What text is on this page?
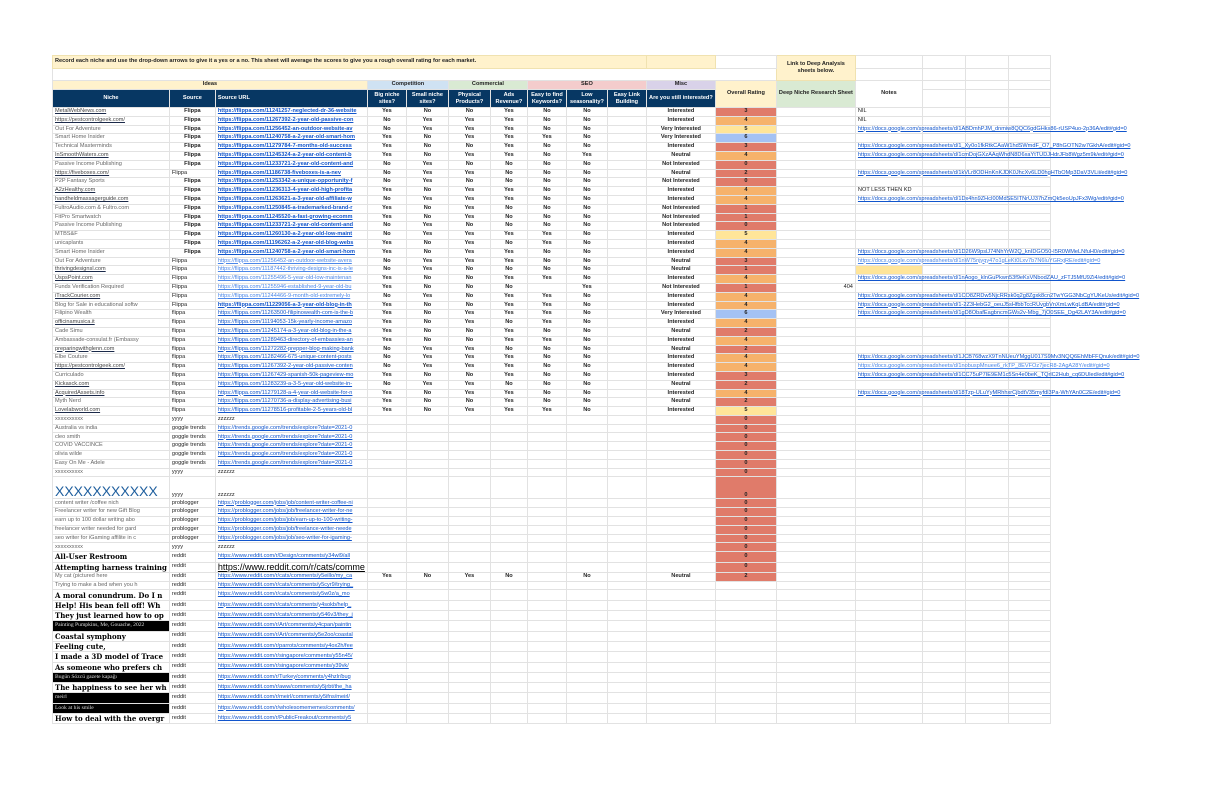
Record each niche and use the drop-down arrows to give it a yes or a no. This sheet will average the scores to give you a rough overall rating for each market.												Link to Deep Analysis sheets below.				

Ideas			Competition		Commercial		SEO			Misc	Overall Rating	Deep Niche Research Sheet	Notes			
Niche	Source	Source URL	Big niche sites?	Small niche sites?	Physical Products?	Ads Revenue?	Easy to find Keywords?	Low seasonality?	Easy Link Building	Are you still interested?						
MetalWebNews.com	Flippa	https://flippa.com/11241257-neglected-dr-36-website	Yes	No	No	Yes	No	No		Interested	3		NIL			

https://pestcontrolgeek.com/	Flippa	https://flippa.com/11267392-2-year-old-passive-con	No	Yes	Yes	Yes	No	No		Interested	4		NIL			

Out For Adventure	Flippa	https://flippa.com/11256452-an-outdoor-website-av	No	Yes	Yes	Yes	No	No		Very Interested	5		https://docs.google.com/spreadsheets/d/1ABDmhPJM_dnmiw8QQC6gdGHkx86-rUSP4uo-2p36A/edit#gid=0			

Smart Home Insider	Flippa	https://flippa.com/11240758-a-2-year-old-smart-hom	Yes	No	Yes	Yes	Yes	No		Very Interested	6		

Technical Masterminds	Flippa	https://flippa.com/11279784-7-months-old-success	Yes	No	No	Yes	No	No		Interested	3		https://docs.google.com/spreadsheets/d/1_Xy0o1fkRtkCAaW1hdSWmdF_O7_P8hGOTN2w7GkhA/edit#gid=0			

InSmoothWaters.com	Flippa	https://flippa.com/11245324-a-2-year-old-content-b	Yes	No	Yes	Yes	No	Yes		Neutral	4		https://docs.google.com/spreadsheets/d/1cmDojGXzAAqWhdN8D6xaYtTUDJHdrJFb8Wgz5m9k/edit#gid=0			

Passive Income Publishing	Flippa	https://flippa.com/11233721-2-year-old-content-and	No	Yes	No	No	No	No		Not Interested	0		

https://fiveboxes.com/	Flippa	https://flippa.com/11186738-fiveboxes-is-a-nev	No	Yes	Yes	No	No	No		Neutral	2		https://docs.google.com/spreadsheets/d/1kVLr8ODHnKnKJDK0JhcXv6LD0hgHTbOMp3DaV3VLii/edit#gid=0			

P2P Fantasy Sports	Flippa	https://flippa.com/11253342-a-unique-opportunity-f	No	Yes	No	No	No	No		Not Interested	0		

A2zHealthy.com	Flippa	https://flippa.com/11236313-4-year-old-high-profita	Yes	No	Yes	Yes	No	No		Interested	4		NOT LESS THEN KD			

handheldmassagerguide.com	Flippa	https://flippa.com/11263621-a-3-year-old-affiliate-w	No	Yes	Yes	Yes	No	No		Interested	4		https://docs.google.com/spreadsheets/d/1Dx4hn9ZHcI00MdSE5ITNrUJ37hZmQk5eoUpJFx3Wg/edit#gid=0			

FultroAudio.com & Fultro.com	Flippa	https://flippa.com/11250845-a-trademarked-brand-r	Yes	No	Yes	No	No	No		Not Interested	1		

FitPro Smartwatch	Flippa	https://flippa.com/11245520-a-fast-growing-ecomm	Yes	No	Yes	No	No	No		Not Interested	1		

Passive Income Publishing	Flippa	https://flippa.com/11233721-2-year-old-content-and	No	Yes	No	No	No	No		Not Interested	0		

MTBS&F	Flippa	https://flippa.com/11260130-a-2-year-old-low-maint	No	Yes	Yes	Yes	Yes	No		Interested	5		

unicaplants	Flippa	https://flippa.com/11196262-a-2-year-old-blog-webs	Yes	No	Yes	No	Yes	No		Interested	4		

Smart Home Insider	Flippa	https://flippa.com/11240758-a-2-year-old-smart-hom	Yes	No	Yes	Yes	No	No		Interested	4		https://docs.google.com/spreadsheets/d/1D26W9pslJ74NhYrW2Q_knIDGO50-I5R0WMeLNfuH0/edit#gid=0			

Out For Adventure	Flippa	https://flippa.com/11256452-an-outdoor-website-avera	No	Yes	Yes	Yes	No	No		Neutral	3		https://docs.google.com/spreadsheets/d/1nW75njyqy47o1gLeKt0Lxv7b7N6luYGRxjRE/edit#gid=0			

thrivingdesignsl.com	Flippa	https://flippa.com/11187442-thriving-designs-inc-is-a-le	No	Yes	No	No	No	No		Neutral	1		

UspsPoint.com	Flippa	https://flippa.com/11255496-5-year-old-low-maintenan	Yes	No	No	Yes	Yes	No		Interested	4		https://docs.google.com/spreadsheets/d/1nAogo_klnGuPkwn53f9eKsVNbodZAU_zFTJ5MfU9Zi4/edit#gid=0			

Funds Verification Required	Flippa	https://flippa.com/11255946-established-9-year-old-bu	Yes	No	No	No		Yes		Not Interested	1	404	

iTrackCourier.com	Flippa	https://flippa.com/11244466-9-month-old-extremely-lo	No	Yes	No	Yes	Yes	No		Interested	4		https://docs.google.com/spreadsheets/d/1CO8ZRDw5NjcRRsk0q2g8Zgxk8cn2TwYGG3NbCgYUKeUs/edit#gid=0			

Blog for Sale in educational softw	Flippa	https://flippa.com/11229056-a-3-year-old-blog-in-th	Yes	No	No	Yes	Yes	No		Interested	4		https://docs.google.com/spreadsheets/d/1-2Z3HebG2_oeuJ5sHfbbTccRUvgbVnXmLwKqLdBA/edit#gid=0			

Filipino Wealth	flippa	https://flippa.com/11263500-filipinowealth-com-is-the-b	Yes	No	Yes	Yes	Yes	No		Very Interested	6		https://docs.google.com/spreadsheets/d/1gD8ObafEagbncmGWs2v-Mbg_7jO0SEE_Dg42LAY3A/edit#gid=0			

officinamusica.it	flippa	https://flippa.com/11194053-15k-yearly-income-amazo	Yes	No	Yes	No	Yes	No		Interested	4		

Cade Simu	flippa	https://flippa.com/11245174-a-3-year-old-blog-in-the-a	Yes	No	No	Yes	No	No		Neutral	2		

Ambassade-consulat.fr (Embassy	flippa	https://flippa.com/11289463-directory-of-embassies-an	Yes	No	No	Yes	Yes	No		Interested	4		

preparingwithglenn.com	flippa	https://flippa.com/11272282-prepper-blog-making-bank	No	Yes	Yes	No	No	No		Neutral	2		

Elbe Couture	flippa	https://flippa.com/11282466-675-unique-content-posts	No	Yes	Yes	Yes	No	No		Interested	4		https://docs.google.com/spreadsheets/d/1JCB768wzX9TnNUeuYMggU017S9Mv3NQQ6EhMbFFQnuk/edit#gid=0			

https://pestcontrolgeek.com/	flippa	https://flippa.com/11267392-2-year-old-passive-conten	No	Yes	Yes	Yes	No	No		Interested	4		https://docs.google.com/spreadsheets/d/1nobuspMnuee6_rkTP_8EVFOz7jecR8-2AgA28Y/edit#gid=0			

Curriculado	flippa	https://flippa.com/11267429-spanish-50k-pageview-mo	Yes	No	No	Yes	No	No		Interested	3		https://docs.google.com/spreadsheets/d/1CC75uP7IE9EM1c5Sn4e0beK_TQrlC2Hub_cq6DUled/edit#gid=0			

Kickasck.com	flippa	https://flippa.com/11283239-a-3-5-year-old-website-in-	No	Yes	Yes	No	No	No		Neutral	2		

AcquiredAssets.info	flippa	https://flippa.com/11279128-a-4-year-old-website-for-n	Yes	No	Yes	Yes	No	No		Interested	4		https://docs.google.com/spreadsheets/d/18Tzp-ULuYyMRhhxrCjbdtV35myfdl3Pa-WhYAn0C2E/edit#gid=0			

Myth Nerd	flippa	https://flippa.com/11270736-a-display-advertising-busi	Yes	No	No	Yes	No	No		Neutral	2		

Lovelabworld.com	flippa	https://flippa.com/11278516-profitable-2-5-years-old-bl	Yes	No	Yes	Yes	Yes	No		Interested	5		

xxxxxxxxxx	yyyy	zzzzzz									0		

Australia vs india	goggle trends	https://trends.google.com/trends/explore?date=2021-0									0		

cleo smith	goggle trends	https://trends.google.com/trends/explore?date=2021-0									0		

COVID VACCINCE	goggle trends	https://trends.google.com/trends/explore?date=2021-0									0		

olivia wilde	goggle trends	https://trends.google.com/trends/explore?date=2021-0									0		

Easy On Me - Adele	goggle trends	https://trends.google.com/trends/explore?date=2021-0									0		

xxxxxxxxxx	yyyy	zzzzzz									0		

XXXXXXXXXXX	yyyy	zzzzzz									0		

content writer /coffee nich	problogger	https://problogger.com/jobs/job/content-writer-coffee-ni									0		

Freelancer writer for new Gift Blog	problogger	https://problogger.com/jobs/job/freelancer-writer-for-ne									0		

earn up to 100 dollar writing abo	problogger	https://problogger.com/jobs/job/earn-up-to-100-writing-									0		

freelancer writer needed for gard	problogger	https://problogger.com/jobs/job/freelance-writer-neede									0		

seo writer for iGaming affilite in c	problogger	https://problogger.com/jobs/job/seo-writer-for-igaming-									0		

xxxxxxxxxx	yyyy	zzzzzz									0		

All-User Restroom	reddit	https://www.reddit.com/r/Design/comments/y34wl9/all									0		

Attempting harness training	reddit	https://www.reddit.com/r/cats/comme									0		

My cat (pictured here	reddit	https://www.reddit.com/r/cats/comments/y5eillo/my_ca	Yes	No	Yes	No		No		Neutral	2		

Trying to make a bed when you h	reddit	https://www.reddit.com/r/cats/comments/y5cyr9/trying_											

A moral conundrum. Do I n	reddit	https://www.reddit.com/r/cats/comments/y5w0z/a_mo											

Help! His bean fell off! Wh	reddit	https://www.reddit.com/r/cats/comments/y4sokb/help_											

They just learned how to op	reddit	https://www.reddit.com/r/cats/comments/y546v3/they_j											

Painting Pumpkins, Me, Gouache, 2022	reddit	https://www.reddit.com/r/Art/comments/y4cpan/paintin											

Coastal symphony	reddit	https://www.reddit.com/r/Art/comments/y5e2oo/coastal											

Feeling cute,	reddit	https://www.reddit.com/r/parrots/comments/y4ox2h/fee											

I made a 3D model of Trace	reddit	https://www.reddit.com/r/singapore/comments/y55n45/											

As someone who prefers ch	reddit	https://www.reddit.com/r/singapore/comments/y39vk/											

Bugün Sözcü gazete kapağı	reddit	https://www.reddit.com/r/Turkey/comments/y4hzlr/bug											

The happiness to see her wh	reddit	https://www.reddit.com/r/aww/comments/y5jrbt/the_ha											

meirl	reddit	https://www.reddit.com/r/meirl/comments/y5ifns/meirl/											

Look at his smile	reddit	https://www.reddit.com/r/wholesomememes/comments/											

How to deal with the overgr	reddit	https://www.reddit.com/r/PublicFreakout/comments/y5											
